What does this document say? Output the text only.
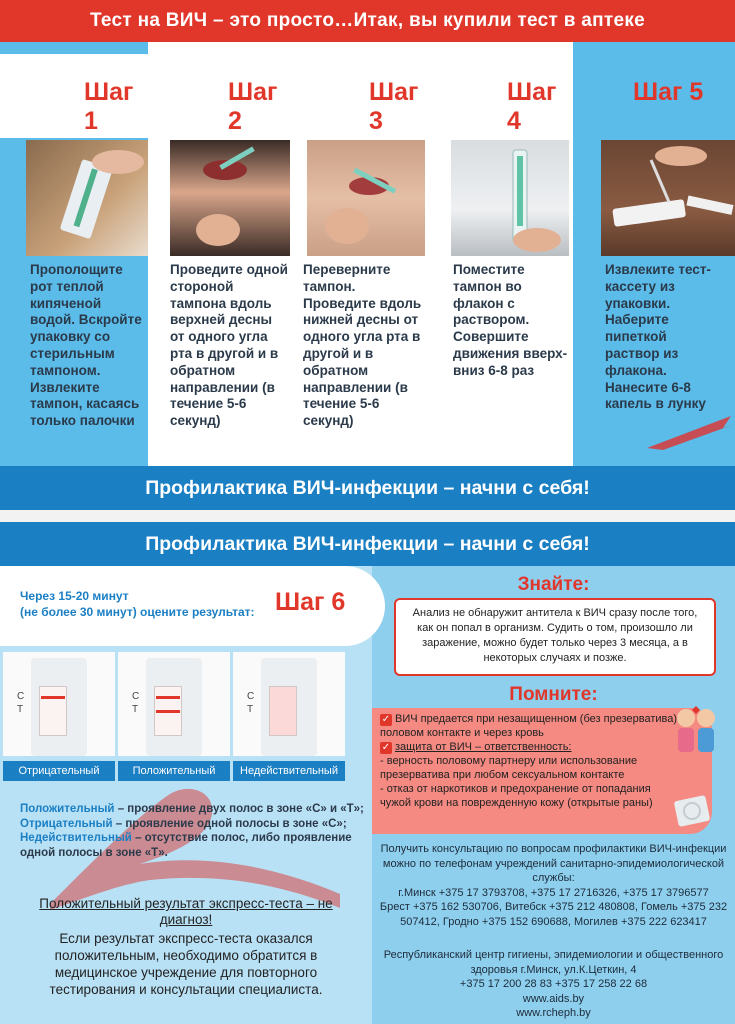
Тест на ВИЧ – это просто…Итак, вы купили тест в аптеке
Шаг 1
Прополощите рот теплой кипяченой водой. Вскройте упаковку со стерильным тампоном. Извлеките тампон, касаясь только палочки
Шаг 2
Проведите одной стороной тампона вдоль верхней десны от одного угла рта в другой и в обратном направлении (в течение 5-6 секунд)
Шаг 3
Переверните тампон. Проведите вдоль нижней десны от одного угла рта в другой и в обратном направлении (в течение 5-6 секунд)
Шаг 4
Поместите тампон во флакон с раствором. Совершите движения вверх-вниз 6-8 раз
Шаг 5
Извлеките тест-кассету из упаковки. Наберите пипеткой раствор из флакона. Нанесите 6-8 капель в лунку
Профилактика ВИЧ-инфекции – начни с себя!
Профилактика ВИЧ-инфекции – начни с себя!
Через 15-20 минут
(не более 30 минут) оцените результат: Шаг 6
С
Т
С
Т
С
Т
Отрицательный	Положительный	Недействительный
Положительный – проявление двух полос в зоне «С» и «Т»;
Отрицательный – проявление одной полосы в зоне «С»;
Недействительный – отсутствие полос, либо проявление одной полосы в зоне «Т».
Положительный результат экспресс-теста – не диагноз!
Если результат экспресс-теста оказался положительным, необходимо обратится в медицинское учреждение для повторного тестирования и консультации специалиста.
Знайте:
Анализ не обнаружит антитела к ВИЧ сразу после того, как он попал в организм. Судить о том, произошло ли заражение, можно будет только через 3 месяца, а в некоторых случаях и позже.
Помните:
✓ ВИЧ предается при незащищенном (без презерватива) половом контакте и через кровь
✓ защита от ВИЧ – ответственность:
- верность половому партнеру или использование презерватива при любом сексуальном контакте
- отказ от наркотиков и предохранение от попадания чужой крови на поврежденную кожу (открытые раны)
Получить консультацию по вопросам профилактики ВИЧ-инфекции можно по телефонам учреждений санитарно-эпидемиологической службы:
г.Минск +375 17 3793708, +375 17 2716326, +375 17 3796577
Брест +375 162 530706, Витебск +375 212 480808, Гомель +375 232 507412, Гродно +375 152 690688, Могилев +375 222 623417
Республиканский центр гигиены, эпидемиологии и общественного здоровья г.Минск, ул.К.Цеткин, 4
+375 17 200 28 83 +375 17 258 22 68
www.aids.by
www.rcheph.by
